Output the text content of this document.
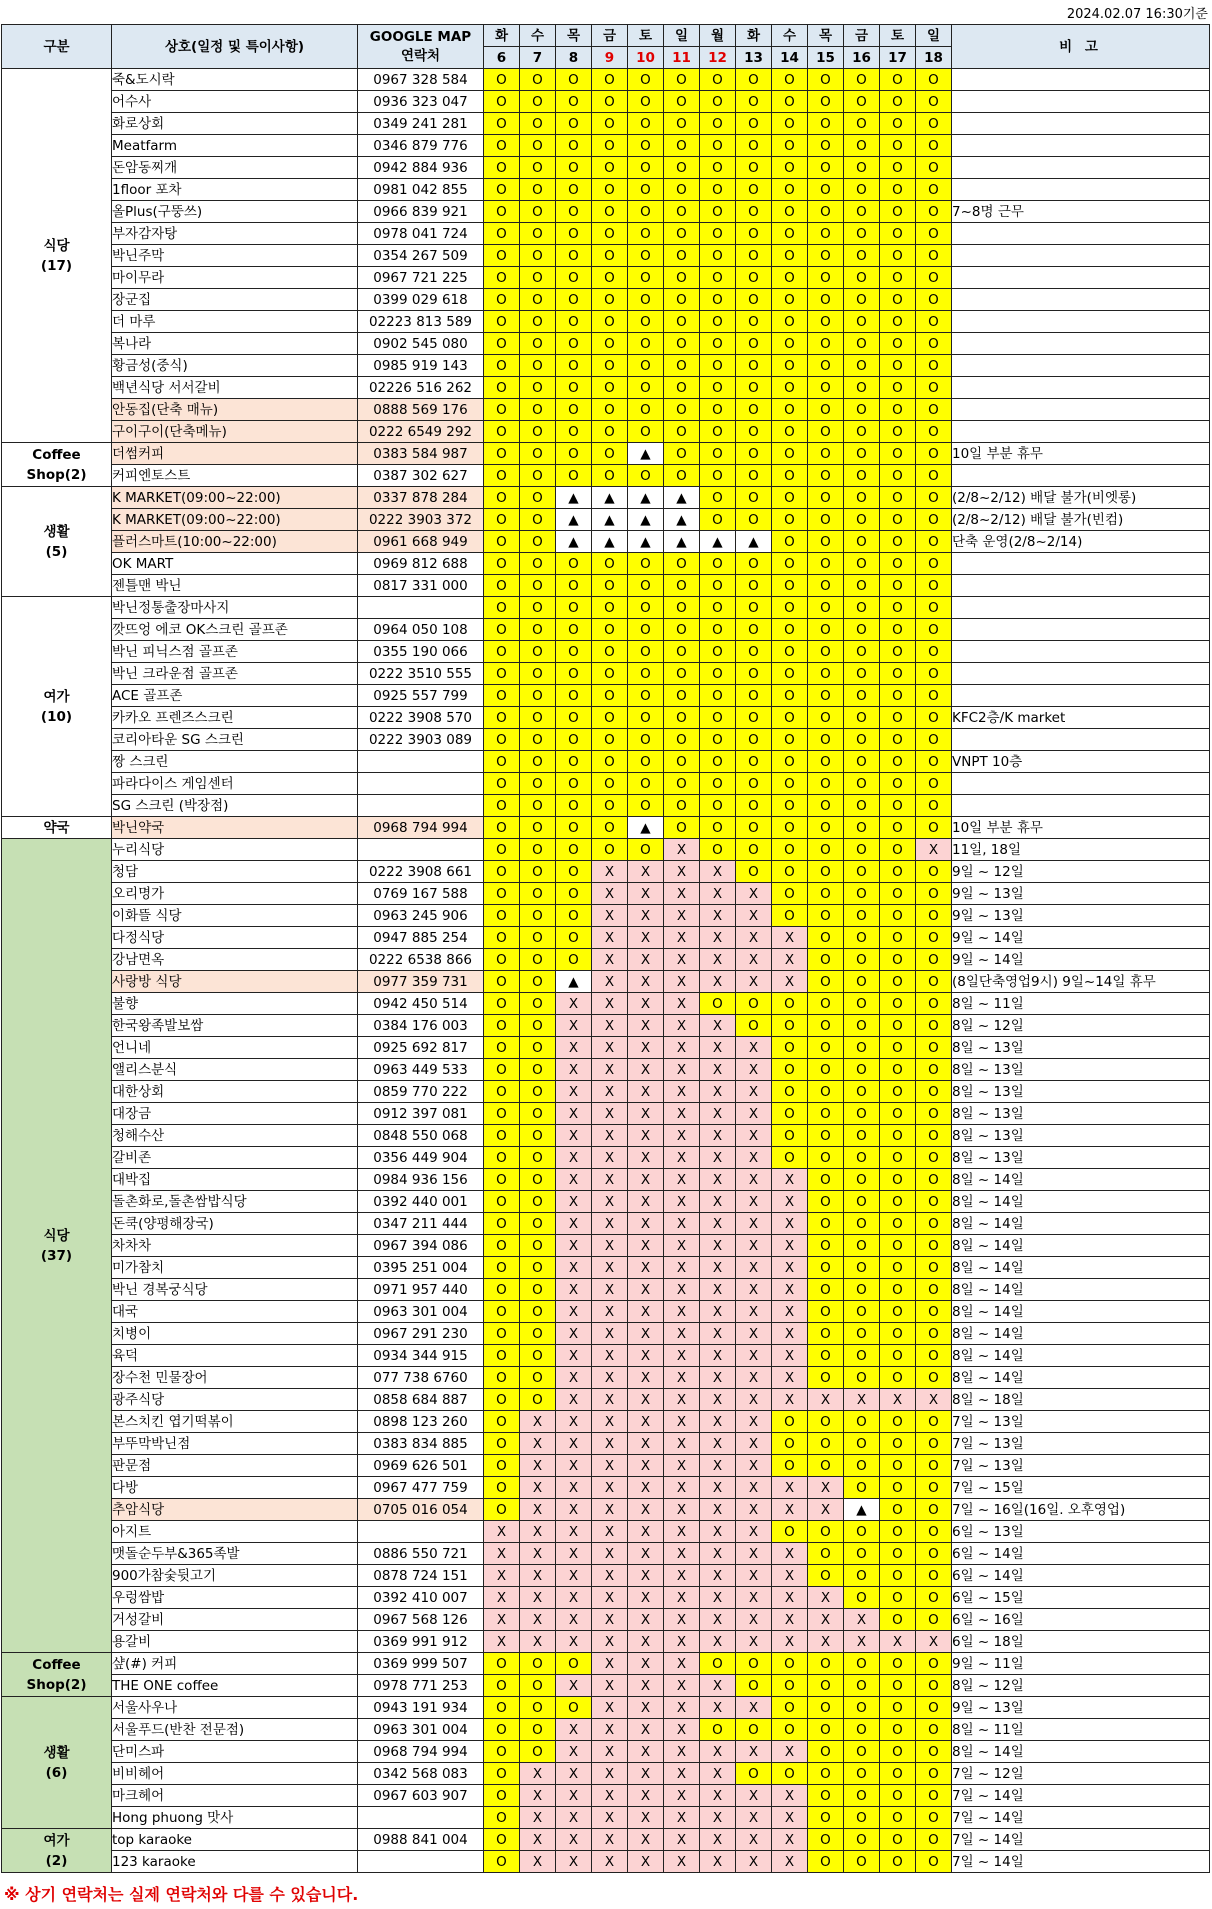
2024.02.07 16:30기준
구분	상호(일정 및 특이사항)	GOOGLE MAP
연락처	화	수	목	금	토	일	월	화	수	목	금	토	일	비 고
			6	7	8	9	10	11	12	13	14	15	16	17	18	
식당
(17)	죽&도시락	0967 328 584	O	O	O	O	O	O	O	O	O	O	O	O	O	
	어수사	0936 323 047	O	O	O	O	O	O	O	O	O	O	O	O	O	
	화로상회	0349 241 281	O	O	O	O	O	O	O	O	O	O	O	O	O	
	Meatfarm	0346 879 776	O	O	O	O	O	O	O	O	O	O	O	O	O	
	돈암동찌개	0942 884 936	O	O	O	O	O	O	O	O	O	O	O	O	O	
	1floor 포차	0981 042 855	O	O	O	O	O	O	O	O	O	O	O	O	O	
	올Plus(구뚱쓰)	0966 839 921	O	O	O	O	O	O	O	O	O	O	O	O	O	7~8명 근무
	부자감자탕	0978 041 724	O	O	O	O	O	O	O	O	O	O	O	O	O	
	박닌주막	0354 267 509	O	O	O	O	O	O	O	O	O	O	O	O	O	
	마이무라	0967 721 225	O	O	O	O	O	O	O	O	O	O	O	O	O	
	장군집	0399 029 618	O	O	O	O	O	O	O	O	O	O	O	O	O	
	더 마루	02223 813 589	O	O	O	O	O	O	O	O	O	O	O	O	O	
	복나라	0902 545 080	O	O	O	O	O	O	O	O	O	O	O	O	O	
	황금성(중식)	0985 919 143	O	O	O	O	O	O	O	O	O	O	O	O	O	
	백년식당 서서갈비	02226 516 262	O	O	O	O	O	O	O	O	O	O	O	O	O	
	안동집(단축 매뉴)	0888 569 176	O	O	O	O	O	O	O	O	O	O	O	O	O	
	구이구이(단축메뉴)	0222 6549 292	O	O	O	O	O	O	O	O	O	O	O	O	O	
Coffee
Shop(2)	더썸커피	0383 584 987	O	O	O	O	▲	O	O	O	O	O	O	O	O	10일 부분 휴무
	커피엔토스트	0387 302 627	O	O	O	O	O	O	O	O	O	O	O	O	O	
생활
(5)	K MARKET(09:00~22:00)	0337 878 284	O	O	▲	▲	▲	▲	O	O	O	O	O	O	O	(2/8~2/12) 배달 불가(비엣롱)
	K MARKET(09:00~22:00)	0222 3903 372	O	O	▲	▲	▲	▲	O	O	O	O	O	O	O	(2/8~2/12) 배달 불가(빈컴)
	플러스마트(10:00~22:00)	0961 668 949	O	O	▲	▲	▲	▲	▲	▲	O	O	O	O	O	단축 운영(2/8~2/14)
	OK MART	0969 812 688	O	O	O	O	O	O	O	O	O	O	O	O	O	
	젠틀맨 박닌	0817 331 000	O	O	O	O	O	O	O	O	O	O	O	O	O	
여가
(10)	박닌정통출장마사지		O	O	O	O	O	O	O	O	O	O	O	O	O	
	깟뜨엉 에코 OK스크린 골프존	0964 050 108	O	O	O	O	O	O	O	O	O	O	O	O	O	
	박닌 피닉스점 골프존	0355 190 066	O	O	O	O	O	O	O	O	O	O	O	O	O	
	박닌 크라운점 골프존	0222 3510 555	O	O	O	O	O	O	O	O	O	O	O	O	O	
	ACE 골프존	0925 557 799	O	O	O	O	O	O	O	O	O	O	O	O	O	
	카카오 프렌즈스크린	0222 3908 570	O	O	O	O	O	O	O	O	O	O	O	O	O	KFC2층/K market
	코리아타운 SG 스크린	0222 3903 089	O	O	O	O	O	O	O	O	O	O	O	O	O	
	짱 스크린		O	O	O	O	O	O	O	O	O	O	O	O	O	VNPT 10층
	파라다이스 게임센터		O	O	O	O	O	O	O	O	O	O	O	O	O	
	SG 스크린 (박장점)		O	O	O	O	O	O	O	O	O	O	O	O	O	
약국	박닌약국	0968 794 994	O	O	O	O	▲	O	O	O	O	O	O	O	O	10일 부분 휴무
식당
(37)	누리식당		O	O	O	O	O	X	O	O	O	O	O	O	X	11일, 18일
	청담	0222 3908 661	O	O	O	X	X	X	X	O	O	O	O	O	O	9일 ~ 12일
	오리명가	0769 167 588	O	O	O	X	X	X	X	X	O	O	O	O	O	9일 ~ 13일
	이화뜰 식당	0963 245 906	O	O	O	X	X	X	X	X	O	O	O	O	O	9일 ~ 13일
	다정식당	0947 885 254	O	O	O	X	X	X	X	X	X	O	O	O	O	9일 ~ 14일
	강남면옥	0222 6538 866	O	O	O	X	X	X	X	X	X	O	O	O	O	9일 ~ 14일
	사랑방 식당	0977 359 731	O	O	▲	X	X	X	X	X	X	O	O	O	O	(8일단축영업9시) 9일~14일 휴무
	불향	0942 450 514	O	O	X	X	X	X	O	O	O	O	O	O	O	8일 ~ 11일
	한국왕족발보쌈	0384 176 003	O	O	X	X	X	X	X	O	O	O	O	O	O	8일 ~ 12일
	언니네	0925 692 817	O	O	X	X	X	X	X	X	O	O	O	O	O	8일 ~ 13일
	앨리스분식	0963 449 533	O	O	X	X	X	X	X	X	O	O	O	O	O	8일 ~ 13일
	대한상회	0859 770 222	O	O	X	X	X	X	X	X	O	O	O	O	O	8일 ~ 13일
	대장금	0912 397 081	O	O	X	X	X	X	X	X	O	O	O	O	O	8일 ~ 13일
	청해수산	0848 550 068	O	O	X	X	X	X	X	X	O	O	O	O	O	8일 ~ 13일
	갈비존	0356 449 904	O	O	X	X	X	X	X	X	O	O	O	O	O	8일 ~ 13일
	대박집	0984 936 156	O	O	X	X	X	X	X	X	X	O	O	O	O	8일 ~ 14일
	돌촌화로,돌촌쌈밥식당	0392 440 001	O	O	X	X	X	X	X	X	X	O	O	O	O	8일 ~ 14일
	돈쿡(양평해장국)	0347 211 444	O	O	X	X	X	X	X	X	X	O	O	O	O	8일 ~ 14일
	차차차	0967 394 086	O	O	X	X	X	X	X	X	X	O	O	O	O	8일 ~ 14일
	미가참치	0395 251 004	O	O	X	X	X	X	X	X	X	O	O	O	O	8일 ~ 14일
	박닌 경복궁식당	0971 957 440	O	O	X	X	X	X	X	X	X	O	O	O	O	8일 ~ 14일
	대국	0963 301 004	O	O	X	X	X	X	X	X	X	O	O	O	O	8일 ~ 14일
	치병이	0967 291 230	O	O	X	X	X	X	X	X	X	O	O	O	O	8일 ~ 14일
	육덕	0934 344 915	O	O	X	X	X	X	X	X	X	O	O	O	O	8일 ~ 14일
	장수천 민물장어	077 738 6760	O	O	X	X	X	X	X	X	X	O	O	O	O	8일 ~ 14일
	광주식당	0858 684 887	O	O	X	X	X	X	X	X	X	X	X	X	X	8일 ~ 18일
	본스치킨 엽기떡볶이	0898 123 260	O	X	X	X	X	X	X	X	O	O	O	O	O	7일 ~ 13일
	부뚜막박닌점	0383 834 885	O	X	X	X	X	X	X	X	O	O	O	O	O	7일 ~ 13일
	판문점	0969 626 501	O	X	X	X	X	X	X	X	O	O	O	O	O	7일 ~ 13일
	다방	0967 477 759	O	X	X	X	X	X	X	X	X	X	O	O	O	7일 ~ 15일
	추암식당	0705 016 054	O	X	X	X	X	X	X	X	X	X	▲	O	O	7일 ~ 16일(16일. 오후영업)
	아지트		X	X	X	X	X	X	X	X	O	O	O	O	O	6일 ~ 13일
	맷돌순두부&365족발	0886 550 721	X	X	X	X	X	X	X	X	X	O	O	O	O	6일 ~ 14일
	900가참숯뒷고기	0878 724 151	X	X	X	X	X	X	X	X	X	O	O	O	O	6일 ~ 14일
	우렁쌈밥	0392 410 007	X	X	X	X	X	X	X	X	X	X	O	O	O	6일 ~ 15일
	거성갈비	0967 568 126	X	X	X	X	X	X	X	X	X	X	X	O	O	6일 ~ 16일
	용갈비	0369 991 912	X	X	X	X	X	X	X	X	X	X	X	X	X	6일 ~ 18일
Coffee
Shop(2)	샾(#) 커피	0369 999 507	O	O	O	X	X	X	O	O	O	O	O	O	O	9일 ~ 11일
	THE ONE coffee	0978 771 253	O	O	X	X	X	X	X	O	O	O	O	O	O	8일 ~ 12일
생활
(6)	서울사우나	0943 191 934	O	O	O	X	X	X	X	X	O	O	O	O	O	9일 ~ 13일
	서울푸드(반찬 전문점)	0963 301 004	O	O	X	X	X	X	O	O	O	O	O	O	O	8일 ~ 11일
	단미스파	0968 794 994	O	O	X	X	X	X	X	X	X	O	O	O	O	8일 ~ 14일
	비비헤어	0342 568 083	O	X	X	X	X	X	X	O	O	O	O	O	O	7일 ~ 12일
	마크헤어	0967 603 907	O	X	X	X	X	X	X	X	X	O	O	O	O	7일 ~ 14일
	Hong phuong 맛사		O	X	X	X	X	X	X	X	X	O	O	O	O	7일 ~ 14일
여가
(2)	top karaoke	0988 841 004	O	X	X	X	X	X	X	X	X	O	O	O	O	7일 ~ 14일
	123 karaoke		O	X	X	X	X	X	X	X	X	O	O	O	O	7일 ~ 14일
※ 상기 연락처는 실제 연락처와 다를 수 있습니다.
